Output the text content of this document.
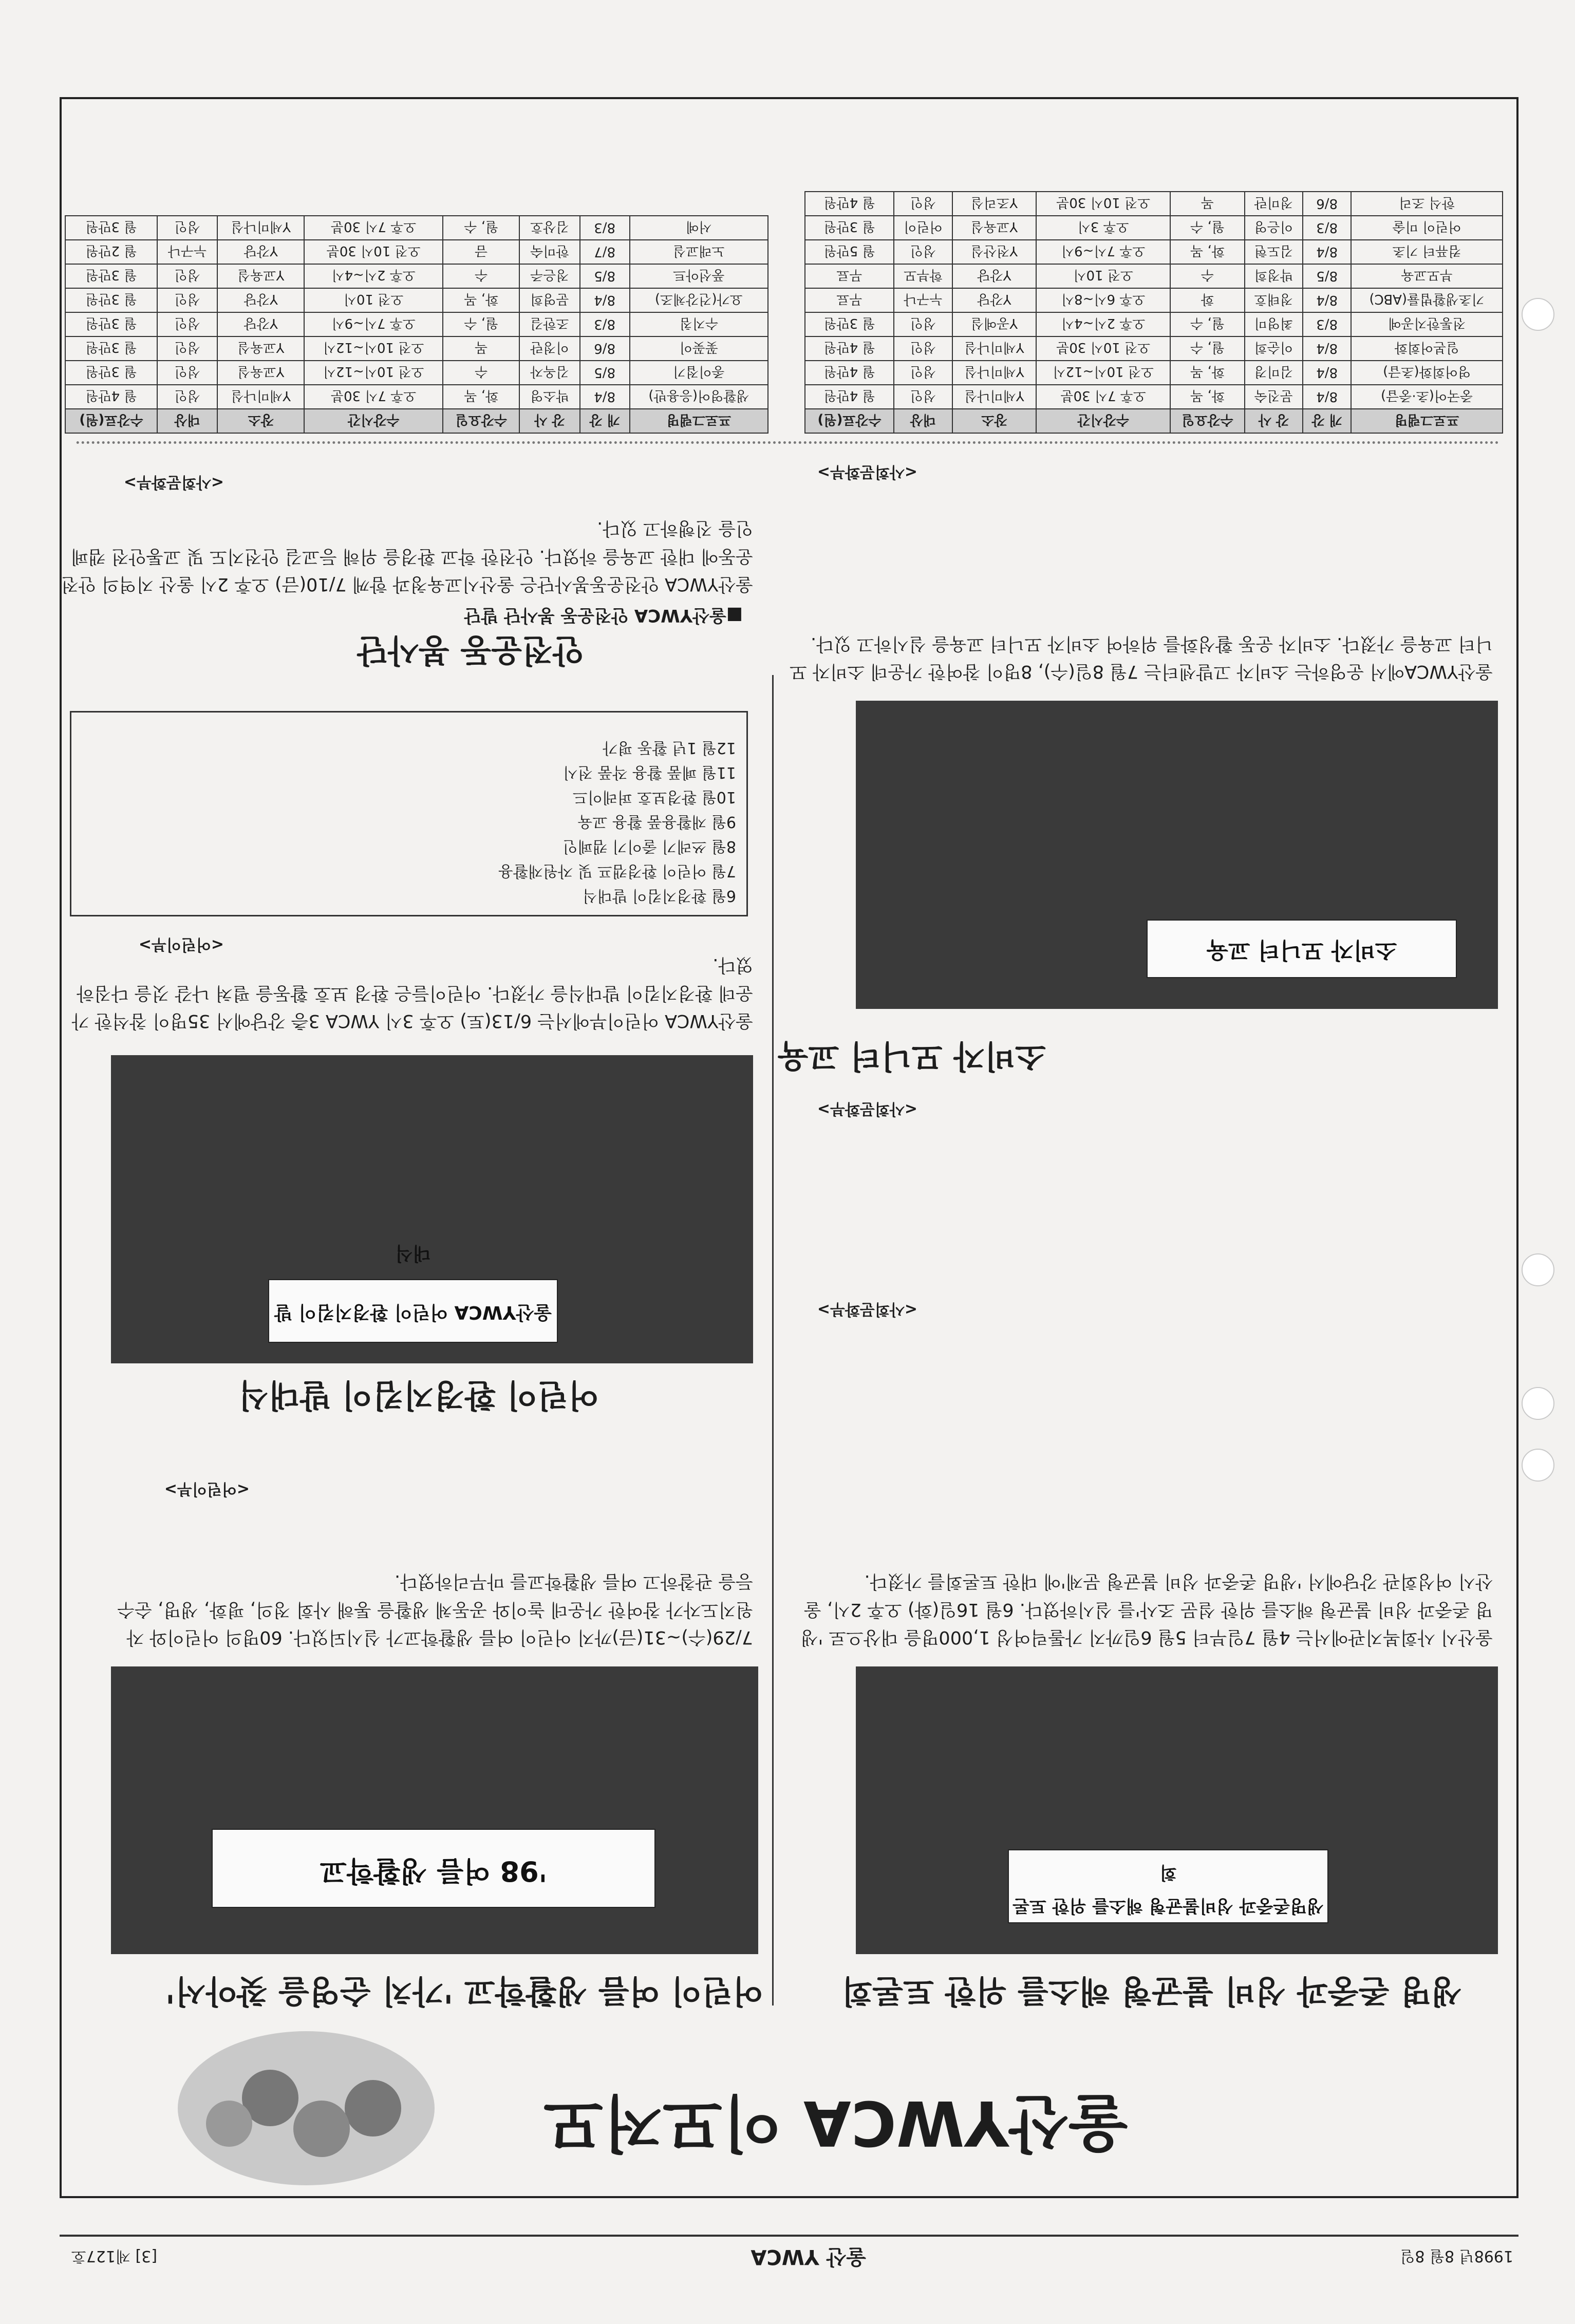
1998년 8월 8일
울산 YWCA
[3] 제127호
울산YWCA 이모저모
생명 존중과 성비 불균형 해소를 위한 토론회
생명존중과 성비불균형 해소를 위한 토론회
울산시 사회복지관에서는 4월 7일부터 5월 6일까지 가톨릭여성 1,000명을 대상으로 '생명 존중과 성비 불균형 해소를 위한 설문 조사'를 실시하였다. 6월 16일(화) 오후 2시, 울산시 여성회관 강당에서 '생명 존중과 성비 불균형 문제'에 대한 토론회를 가졌다.
<사회문화부>
어린이 여름 생활학교 '가치 순영을 찾아서'
'98 여름 생활학교
7/29(수)~31(금)까지 어린이 여름 생활학교가 실시되었다. 60명의 어린이와 자원지도자가 참여한 가운데 놀이와 공동체 생활을 통해 사회 정의, 평화, 생명, 순수 등을 관찰하고 여름 생활학교를 마무리하였다.
<어린이부>
<사회문화부>
소비자 모니터 교육
소비자 모니터 교육
울산YWCA에서 운영하는 소비자 고발센터는 7월 8일(수), 8명이 참여한 가운데 소비자 모니터 교육을 가졌다. 소비자 운동 활성화를 위하여 소비자 모니터 교육을 실시하고 있다.
<사회문화부>
어린이 환경지킴이 발대식
울산YWCA 어린이 환경지킴이 발대식
울산YWCA 어린이부에서는 6/13(토) 오후 3시 YWCA 3층 강당에서 35명이 참석한 가운데 환경지킴이 발대식을 가졌다. 어린이들은 환경 보호 활동을 펼쳐 나갈 것을 다짐하였다.
<어린이부>
6월 환경지킴이 발대식
7월 어린이 환경캠프 및 자원재활용
8월 쓰레기 줄이기 캠페인
9월 재활용품 활용 교육
10월 환경보호 퍼레이드
11월 폐품 활용 작품 전시
12월 1년 활동 평가
안전운동 봉사단
■울산YWCA 안전운동 봉사단 발단
울산YWCA 안전운동봉사단은 울산시교육청과 함께 7/10(금) 오후 2시 울산 지역의 안전운동에 대한 교육을 하였다. 안전한 학교 환경을 위해 등교길 안전지도 및 교통안전 캠페인을 진행하고 있다.
<사회문화부>
프로그램명	개 강	강 사	수강요일	수강시간	장소	대상	수강료(원)
중국어(초·중급)	8/4	문진숙	화, 목	오후 7시 30분	Y세미나실	성인	월 4만원
영어회화(초급)	8/4	김미경	화, 목	오전 10시~12시	Y세미나실	성인	월 4만원
일본어회화	8/4	이순희	월, 수	오전 10시 30분	Y세미나실	성인	월 4만원
전통한지공예	8/3	최영미	월, 수	오후 2시~4시	Y공예실	성인	월 3만원
기초생활법률(ABC)	8/4	정태호	화	오후 6시~8시	Y강당	누구나	무료
부모교육	8/5	박정희	수	오전 10시	Y강당	학부모	무료
컴퓨터 기초	8/4	김도현	화, 목	오후 7시~9시	Y전산실	성인	월 5만원
어린이 미술	8/3	이은영	월, 수	오후 3시	Y교육실	어린이	월 3만원
한식 조리	8/6	정미란	목	오전 10시 30분	Y조리실	성인	월 4만원
프로그램명	개 강	강 사	수강요일	수강시간	장소	대상	수강료(원)
생활영어(응용반)	8/4	박소영	화, 목	오후 7시 30분	Y세미나실	성인	월 4만원
종이접기	8/5	김옥자	수	오전 10시~12시	Y교육실	성인	월 3만원
꽃꽂이	8/6	이정란	목	오전 10시~12시	Y교육실	성인	월 3만원
수지침	8/3	조한길	월, 수	오후 7시~9시	Y강당	성인	월 3만원
요가(건강체조)	8/4	문영희	화, 목	오전 10시	Y강당	성인	월 3만원
풍선아트	8/5	정은주	수	오후 2시~4시	Y교육실	성인	월 3만원
노래교실	8/7	한미숙	금	오전 10시 30분	Y강당	누구나	월 2만원
서예	8/3	김상호	월, 수	오후 7시 30분	Y세미나실	성인	월 3만원
